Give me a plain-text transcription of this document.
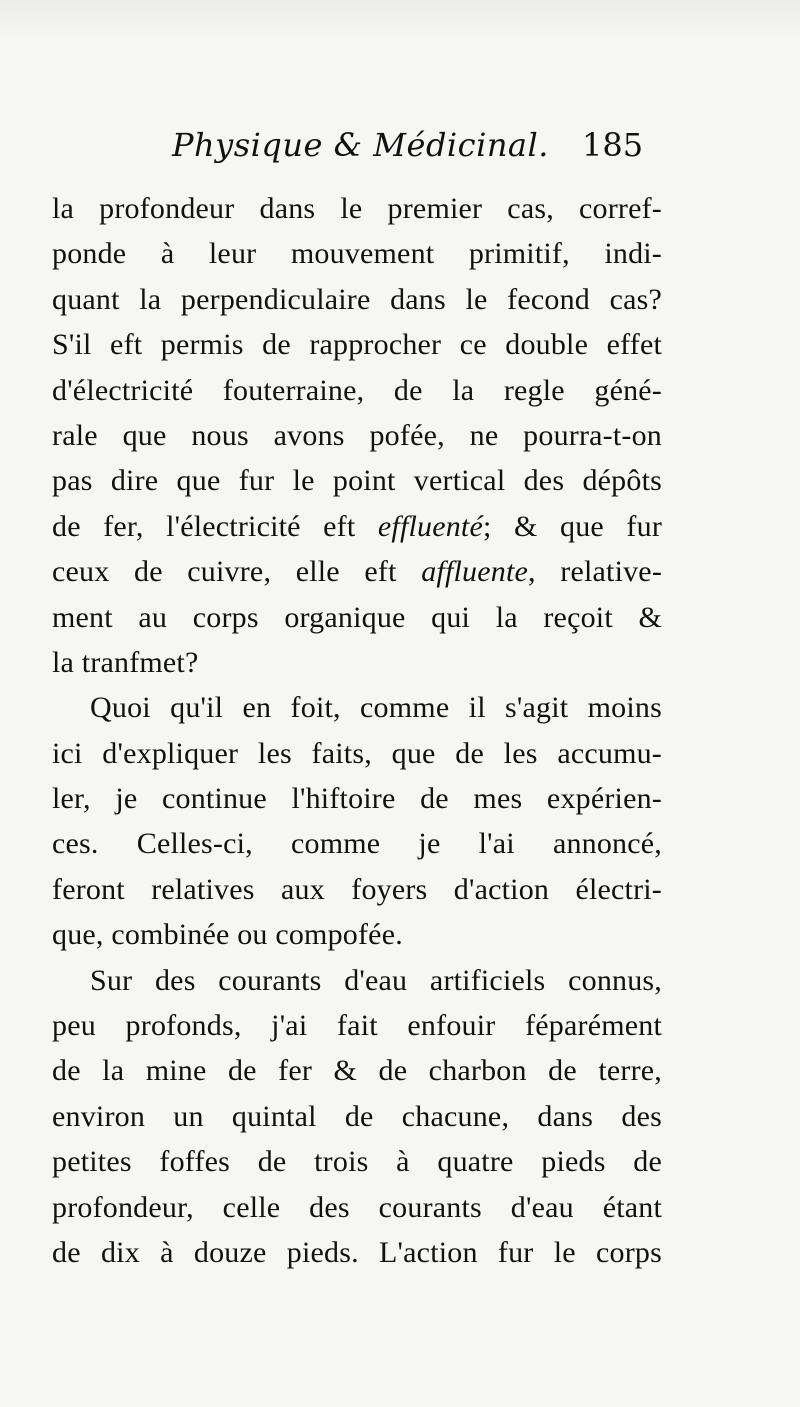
Physique & Médicinal. 185
la profondeur dans le premier cas, corref-
ponde à leur mouvement primitif, indi-
quant la perpendiculaire dans le fecond cas?
S'il eft permis de rapprocher ce double effet
d'électricité fouterraine, de la regle géné-
rale que nous avons pofée, ne pourra-t-on
pas dire que fur le point vertical des dépôts
de fer, l'électricité eft effluenté; & que fur
ceux de cuivre, elle eft affluente, relative-
ment au corps organique qui la reçoit &
la tranfmet?
Quoi qu'il en foit, comme il s'agit moins
ici d'expliquer les faits, que de les accumu-
ler, je continue l'hiftoire de mes expérien-
ces. Celles-ci, comme je l'ai annoncé,
feront relatives aux foyers d'action électri-
que, combinée ou compofée.
Sur des courants d'eau artificiels connus,
peu profonds, j'ai fait enfouir féparément
de la mine de fer & de charbon de terre,
environ un quintal de chacune, dans des
petites foffes de trois à quatre pieds de
profondeur, celle des courants d'eau étant
de dix à douze pieds. L'action fur le corps
